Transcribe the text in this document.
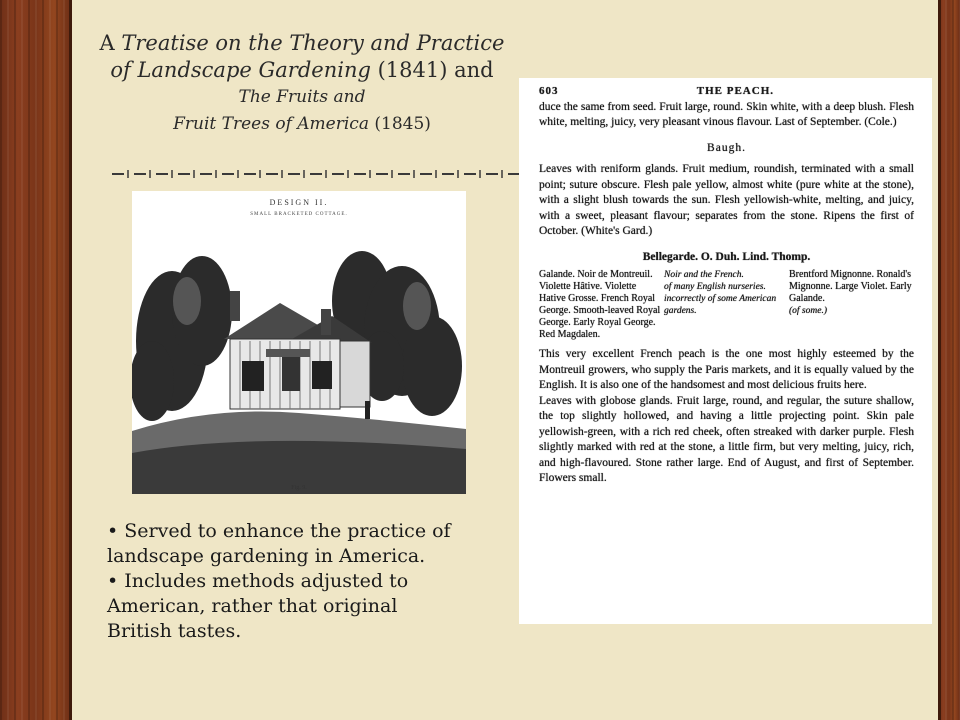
A Treatise on the Theory and Practice
of Landscape Gardening (1841) and
The Fruits and
Fruit Trees of America (1845)
DESIGN II.
SMALL BRACKETED COTTAGE.
Fig. 9.

• Served to enhance the practice of landscape gardening in America.

• Includes methods adjusted to American, rather that original British tastes.

603	THE PEACH.

duce the same from seed. Fruit large, round. Skin white, with a deep blush. Flesh white, melting, juicy, very pleasant vinous flavour. Last of September. (Cole.)

Baugh.

Leaves with reniform glands. Fruit medium, roundish, terminated with a small point; suture obscure. Flesh pale yellow, almost white (pure white at the stone), with a slight blush towards the sun. Flesh yellowish-white, melting, and juicy, with a sweet, pleasant flavour; separates from the stone. Ripens the first of October. (White's Gard.)

Bellegarde. O. Duh. Lind. Thomp.
Galande. Noir de Montreuil.
Violette Hâtive. Violette Hative Grosse. French Royal George. Smooth-leaved Royal George. Early Royal George. Red Magdalen.
Noir and the French.
of many English nurseries. incorrectly of some American gardens.
Brentford Mignonne. Ronald's Mignonne. Large Violet. Early Galande.
(of some.)

This very excellent French peach is the one most highly esteemed by the Montreuil growers, who supply the Paris markets, and it is equally valued by the English. It is also one of the handsomest and most delicious fruits here.

Leaves with globose glands. Fruit large, round, and regular, the suture shallow, the top slightly hollowed, and having a little projecting point. Skin pale yellowish-green, with a rich red cheek, often streaked with darker purple. Flesh slightly marked with red at the stone, a little firm, but very melting, juicy, rich, and high-flavoured. Stone rather large. End of August, and first of September. Flowers small.
